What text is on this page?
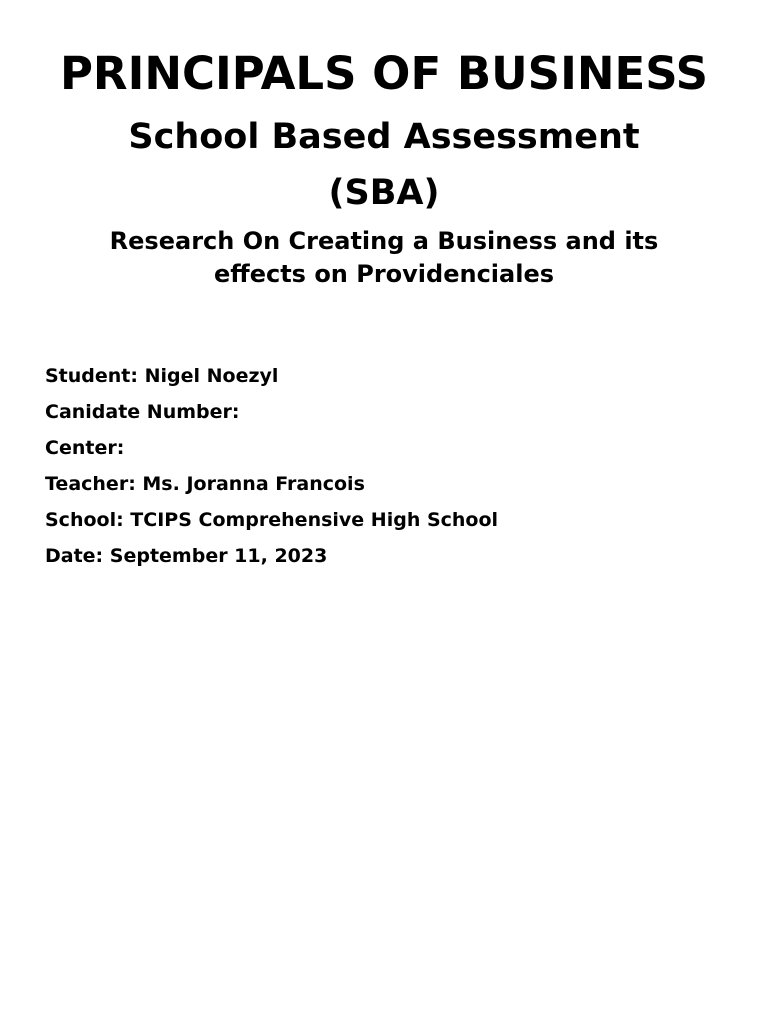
PRINCIPALS OF BUSINESS
School Based Assessment
(SBA)
Research On Creating a Business and its effects on Providenciales
Student: Nigel Noezyl
Canidate Number:
Center:
Teacher: Ms. Joranna Francois
School: TCIPS Comprehensive High School
Date: September 11, 2023
